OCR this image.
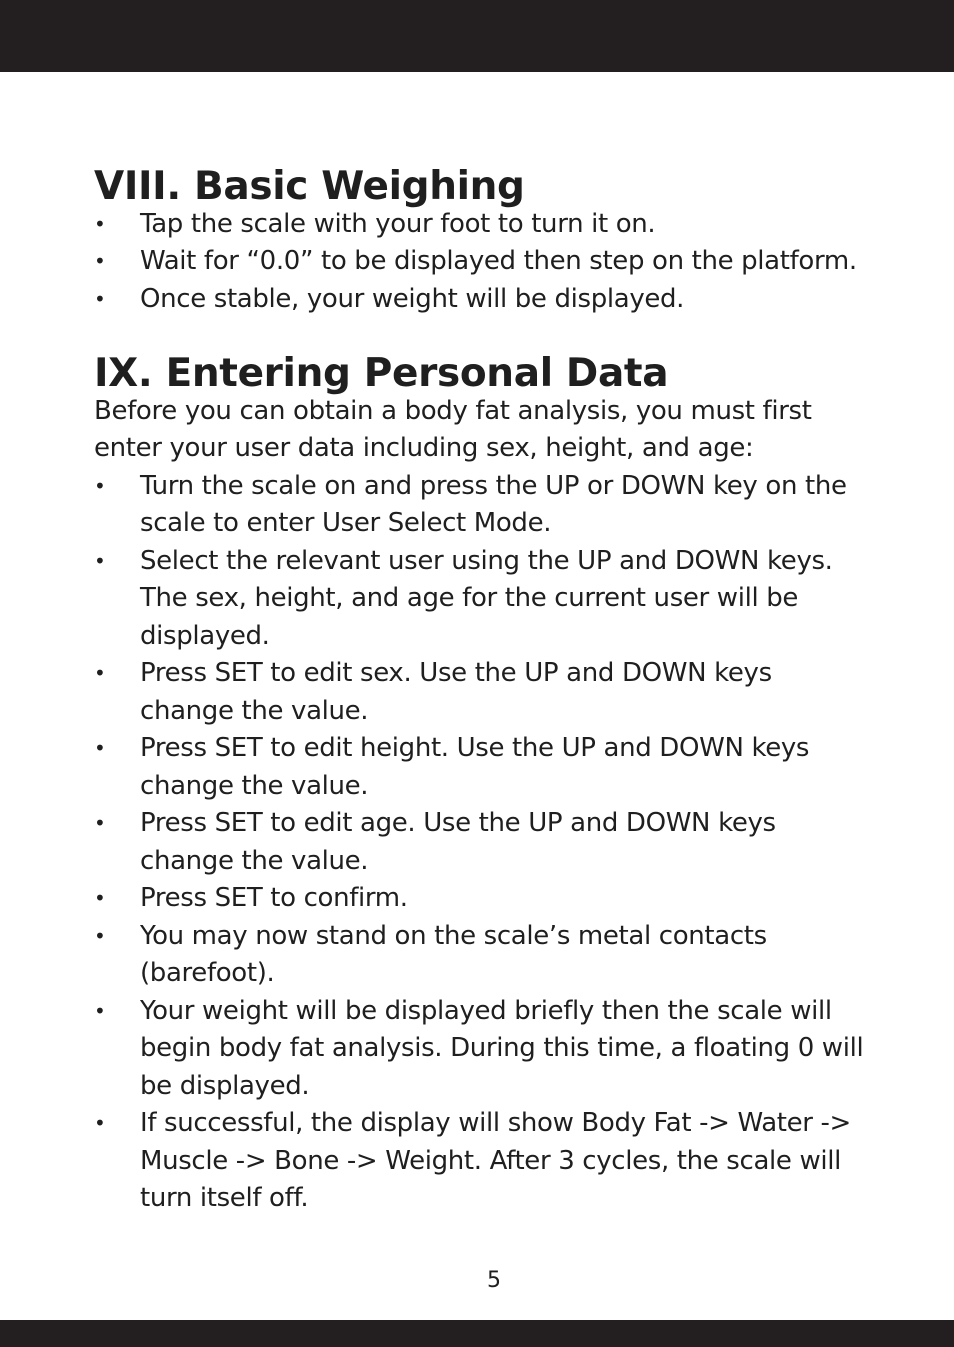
VIII. Basic Weighing
• Tap the scale with your foot to turn it on.
• Wait for “0.0” to be displayed then step on the platform.
• Once stable, your weight will be displayed.
IX. Entering Personal Data

Before you can obtain a body fat analysis, you must first enter your user data including sex, height, and age:

• Turn the scale on and press the UP or DOWN key on the scale to enter User Select Mode.
• Select the relevant user using the UP and DOWN keys. The sex, height, and age for the current user will be displayed.
• Press SET to edit sex. Use the UP and DOWN keys change the value.
• Press SET to edit height. Use the UP and DOWN keys change the value.
• Press SET to edit age. Use the UP and DOWN keys change the value.
• Press SET to confirm.
• You may now stand on the scale’s metal contacts (barefoot).
• Your weight will be displayed briefly then the scale will begin body fat analysis. During this time, a floating 0 will be displayed.
• If successful, the display will show Body Fat -> Water -> Muscle -> Bone -> Weight. After 3 cycles, the scale will turn itself off.
5
